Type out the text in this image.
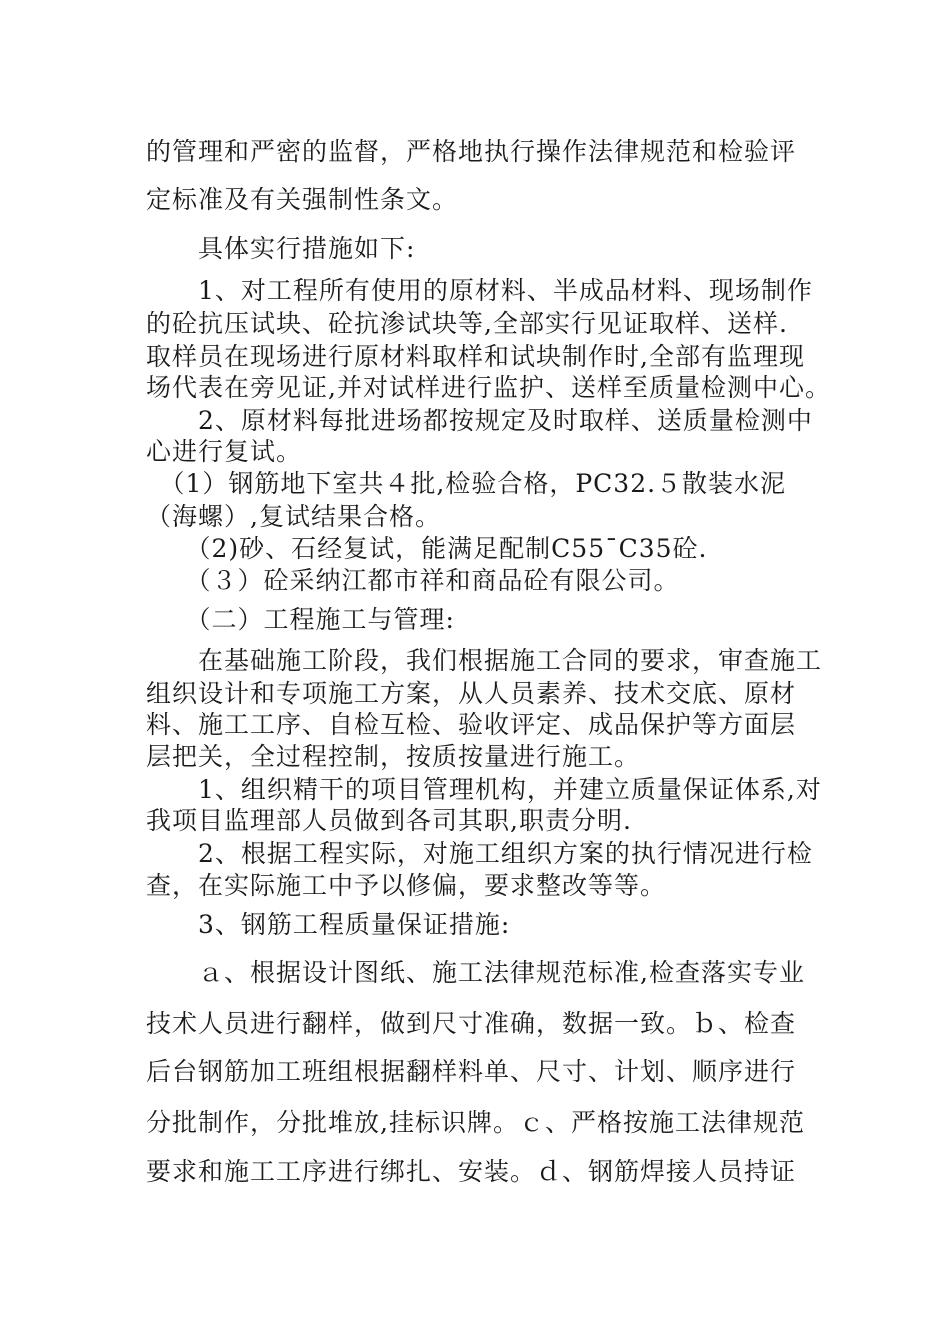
的管理和严密的监督，严格地执行操作法律规范和检验评
定标准及有关强制性条文。
　　具体实行措施如下:
　　1、对工程所有使用的原材料、半成品材料、现场制作
的砼抗压试块、砼抗渗试块等,全部实行见证取样、送样.
取样员在现场进行原材料取样和试块制作时,全部有监理现
场代表在旁见证,并对试样进行监护、送样至质量检测中心。
　　2、原材料每批进场都按规定及时取样、送质量检测中
心进行复试。
　（1）钢筋地下室共４批,检验合格，PC32.５散装水泥
（海螺）,复试结果合格。
　　（2)砂、石经复试，能满足配制C55¯C35砼.
　　（３）砼采纳江都市祥和商品砼有限公司。
　　（二）工程施工与管理:
　　在基础施工阶段，我们根据施工合同的要求，审查施工
组织设计和专项施工方案，从人员素养、技术交底、原材
料、施工工序、自检互检、验收评定、成品保护等方面层
层把关，全过程控制，按质按量进行施工。
　　1、组织精干的项目管理机构，并建立质量保证体系,对
我项目监理部人员做到各司其职,职责分明.
　　2、根据工程实际，对施工组织方案的执行情况进行检
查，在实际施工中予以修偏，要求整改等等。
　　3、钢筋工程质量保证措施:
　　ａ、根据设计图纸、施工法律规范标准,检查落实专业
技术人员进行翻样，做到尺寸准确，数据一致。ｂ、检查
后台钢筋加工班组根据翻样料单、尺寸、计划、顺序进行
分批制作，分批堆放,挂标识牌。ｃ、严格按施工法律规范
要求和施工工序进行绑扎、安装。ｄ、钢筋焊接人员持证
